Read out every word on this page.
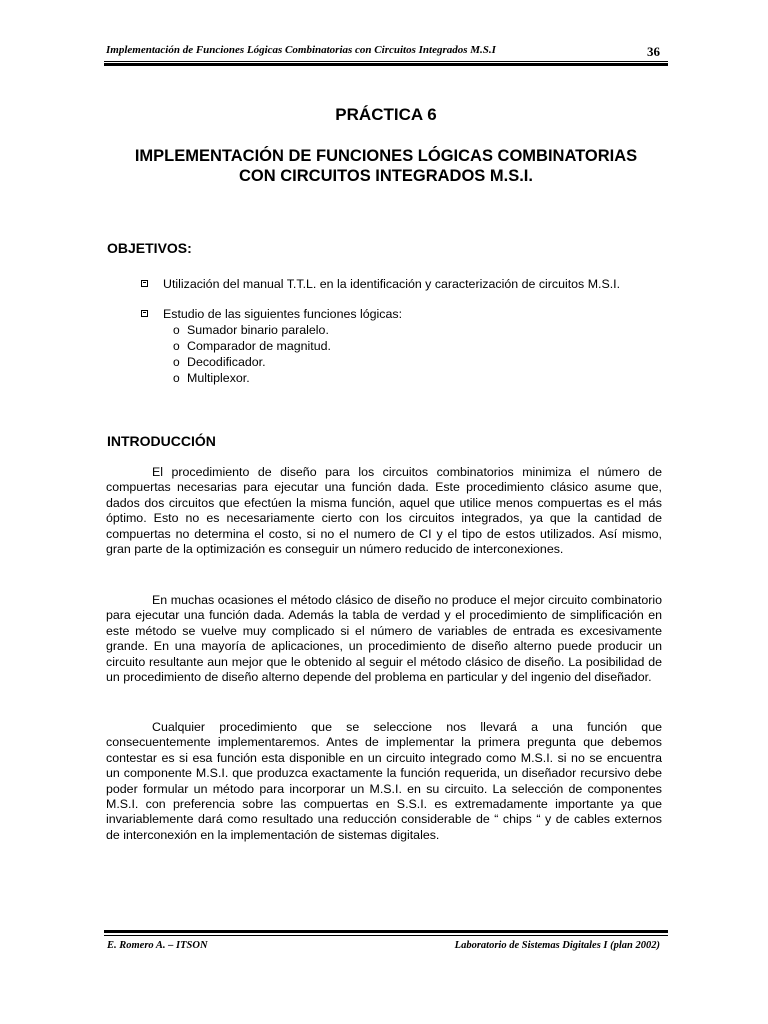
Implementación de Funciones Lógicas Combinatorias con Circuitos Integrados M.S.I	36
PRÁCTICA 6
IMPLEMENTACIÓN DE FUNCIONES LÓGICAS COMBINATORIAS
CON CIRCUITOS INTEGRADOS M.S.I.
OBJETIVOS:
Utilización del manual T.T.L. en la identificación y caracterización de circuitos M.S.I.
Estudio de las siguientes funciones lógicas:
o Sumador binario paralelo.
o Comparador de magnitud.
o Decodificador.
o Multiplexor.
INTRODUCCIÓN
El procedimiento de diseño para los circuitos combinatorios minimiza el número de compuertas necesarias para ejecutar una función dada. Este procedimiento clásico asume que, dados dos circuitos que efectúen la misma función, aquel que utilice menos compuertas es el más óptimo. Esto no es necesariamente cierto con los circuitos integrados, ya que la cantidad de compuertas no determina el costo, si no el numero de CI y el tipo de estos utilizados. Así mismo, gran parte de la optimización es conseguir un número reducido de interconexiones.
En muchas ocasiones el método clásico de diseño no produce el mejor circuito combinatorio para ejecutar una función dada. Además la tabla de verdad y el procedimiento de simplificación en este método se vuelve muy complicado si el número de variables de entrada es excesivamente grande. En una mayoría de aplicaciones, un procedimiento de diseño alterno puede producir un circuito resultante aun mejor que le obtenido al seguir el método clásico de diseño. La posibilidad de un procedimiento de diseño alterno depende del problema en particular y del ingenio del diseñador.
Cualquier procedimiento que se seleccione nos llevará a una función que consecuentemente implementaremos. Antes de implementar la primera pregunta que debemos contestar es si esa función esta disponible en un circuito integrado como M.S.I. si no se encuentra un componente M.S.I. que produzca exactamente la función requerida, un diseñador recursivo debe poder formular un método para incorporar un M.S.I. en su circuito. La selección de componentes M.S.I. con preferencia sobre las compuertas en S.S.I. es extremadamente importante ya que invariablemente dará como resultado una reducción considerable de “ chips “ y de cables externos de interconexión en la implementación de sistemas digitales.
E. Romero A. – ITSON	Laboratorio de Sistemas Digitales I (plan 2002)
